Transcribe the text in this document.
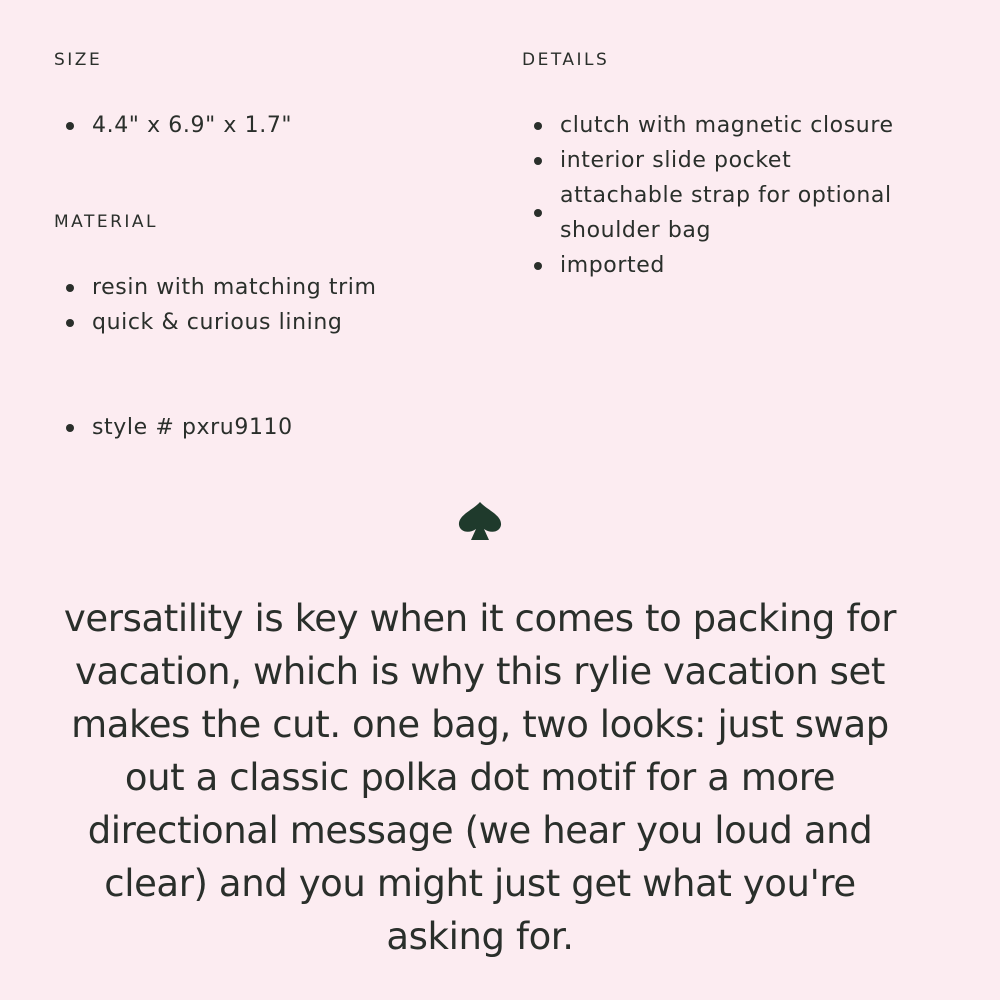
SIZE
4.4" x 6.9" x 1.7"
MATERIAL
resin with matching trim
quick & curious lining
style # pxru9110
DETAILS
clutch with magnetic closure
interior slide pocket
attachable strap for optional shoulder bag
imported

versatility is key when it comes to packing for vacation, which is why this rylie vacation set makes the cut. one bag, two looks: just swap out a classic polka dot motif for a more directional message (we hear you loud and clear) and you might just get what you're asking for.
